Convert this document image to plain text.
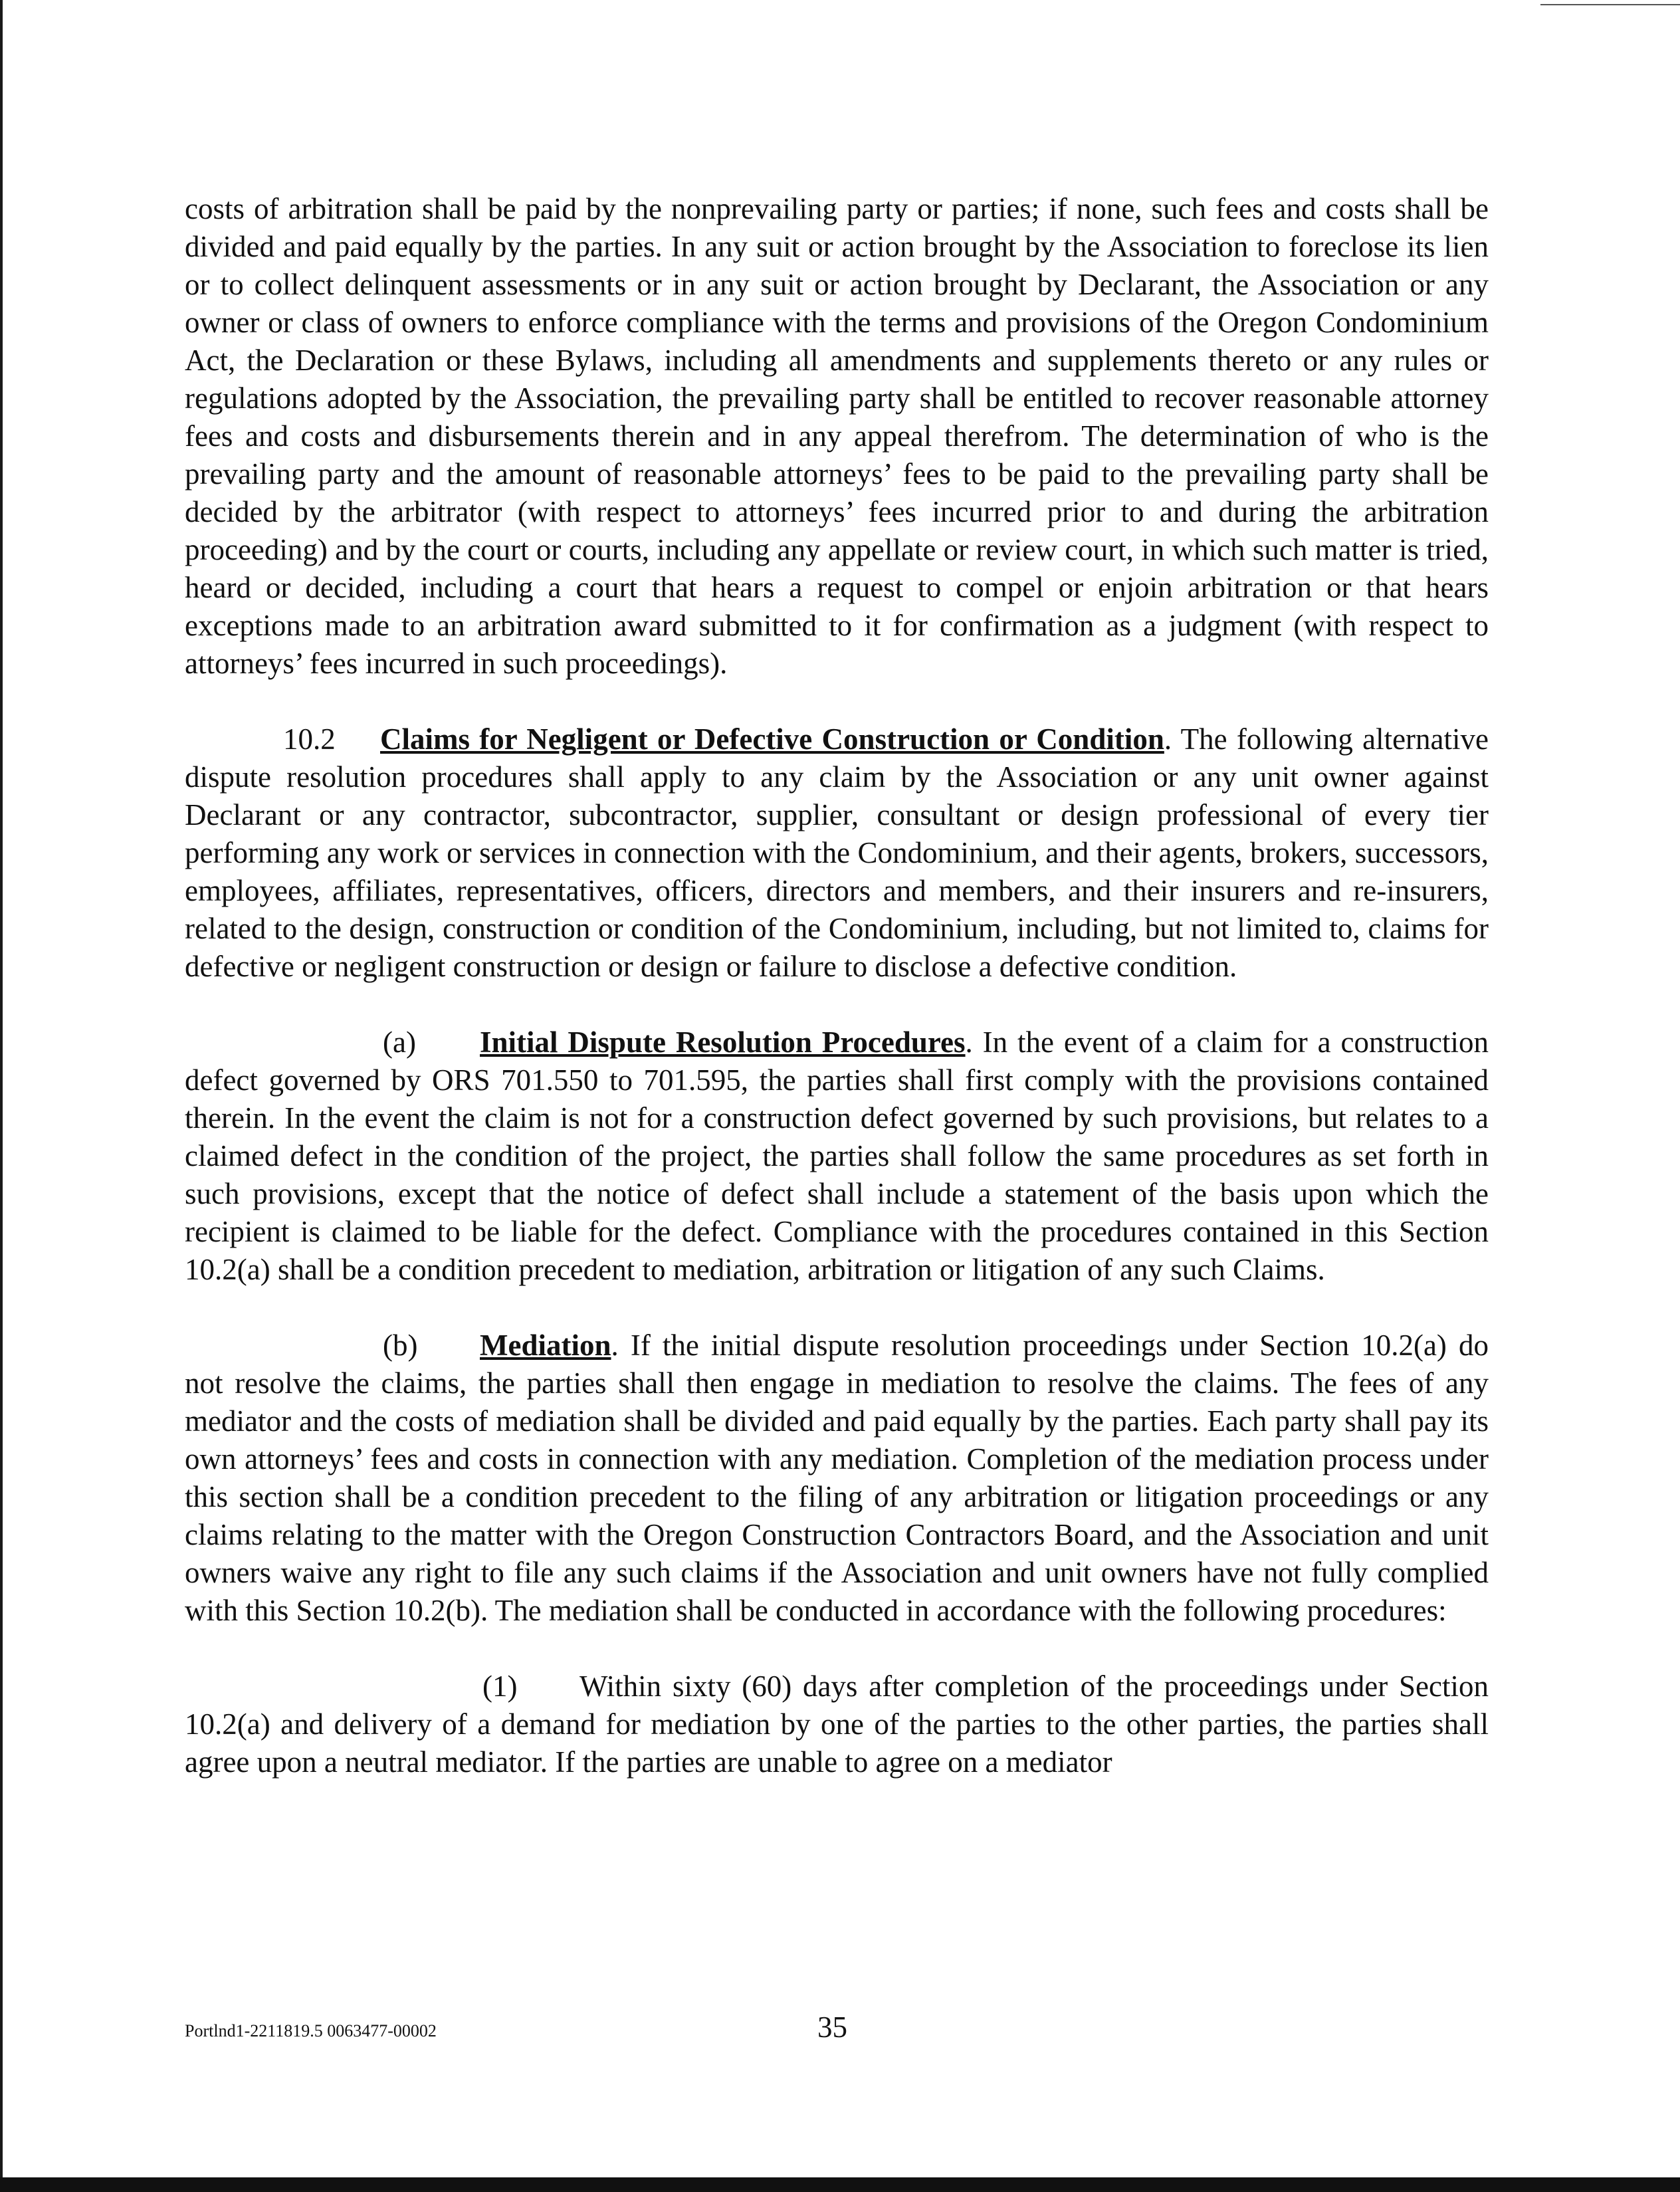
costs of arbitration shall be paid by the nonprevailing party or parties; if none, such fees and costs shall be divided and paid equally by the parties. In any suit or action brought by the Association to foreclose its lien or to collect delinquent assessments or in any suit or action brought by Declarant, the Association or any owner or class of owners to enforce compliance with the terms and provisions of the Oregon Condominium Act, the Declaration or these Bylaws, including all amendments and supplements thereto or any rules or regulations adopted by the Association, the prevailing party shall be entitled to recover reasonable attorney fees and costs and disbursements therein and in any appeal therefrom. The determination of who is the prevailing party and the amount of reasonable attorneys’ fees to be paid to the prevailing party shall be decided by the arbitrator (with respect to attorneys’ fees incurred prior to and during the arbitration proceeding) and by the court or courts, including any appellate or review court, in which such matter is tried, heard or decided, including a court that hears a request to compel or enjoin arbitration or that hears exceptions made to an arbitration award submitted to it for confirmation as a judgment (with respect to attorneys’ fees incurred in such proceedings).

10.2 Claims for Negligent or Defective Construction or Condition. The following alternative dispute resolution procedures shall apply to any claim by the Association or any unit owner against Declarant or any contractor, subcontractor, supplier, consultant or design professional of every tier performing any work or services in connection with the Condominium, and their agents, brokers, successors, employees, affiliates, representatives, officers, directors and members, and their insurers and re-insurers, related to the design, construction or condition of the Condominium, including, but not limited to, claims for defective or negligent construction or design or failure to disclose a defective condition.

(a) Initial Dispute Resolution Procedures. In the event of a claim for a construction defect governed by ORS 701.550 to 701.595, the parties shall first comply with the provisions contained therein. In the event the claim is not for a construction defect governed by such provisions, but relates to a claimed defect in the condition of the project, the parties shall follow the same procedures as set forth in such provisions, except that the notice of defect shall include a statement of the basis upon which the recipient is claimed to be liable for the defect. Compliance with the procedures contained in this Section 10.2(a) shall be a condition precedent to mediation, arbitration or litigation of any such Claims.

(b) Mediation. If the initial dispute resolution proceedings under Section 10.2(a) do not resolve the claims, the parties shall then engage in mediation to resolve the claims. The fees of any mediator and the costs of mediation shall be divided and paid equally by the parties. Each party shall pay its own attorneys’ fees and costs in connection with any mediation. Completion of the mediation process under this section shall be a condition precedent to the filing of any arbitration or litigation proceedings or any claims relating to the matter with the Oregon Construction Contractors Board, and the Association and unit owners waive any right to file any such claims if the Association and unit owners have not fully complied with this Section 10.2(b). The mediation shall be conducted in accordance with the following procedures:

(1) Within sixty (60) days after completion of the proceedings under Section 10.2(a) and delivery of a demand for mediation by one of the parties to the other parties, the parties shall agree upon a neutral mediator. If the parties are unable to agree on a mediator

Portlnd1-2211819.5 0063477-00002	35
